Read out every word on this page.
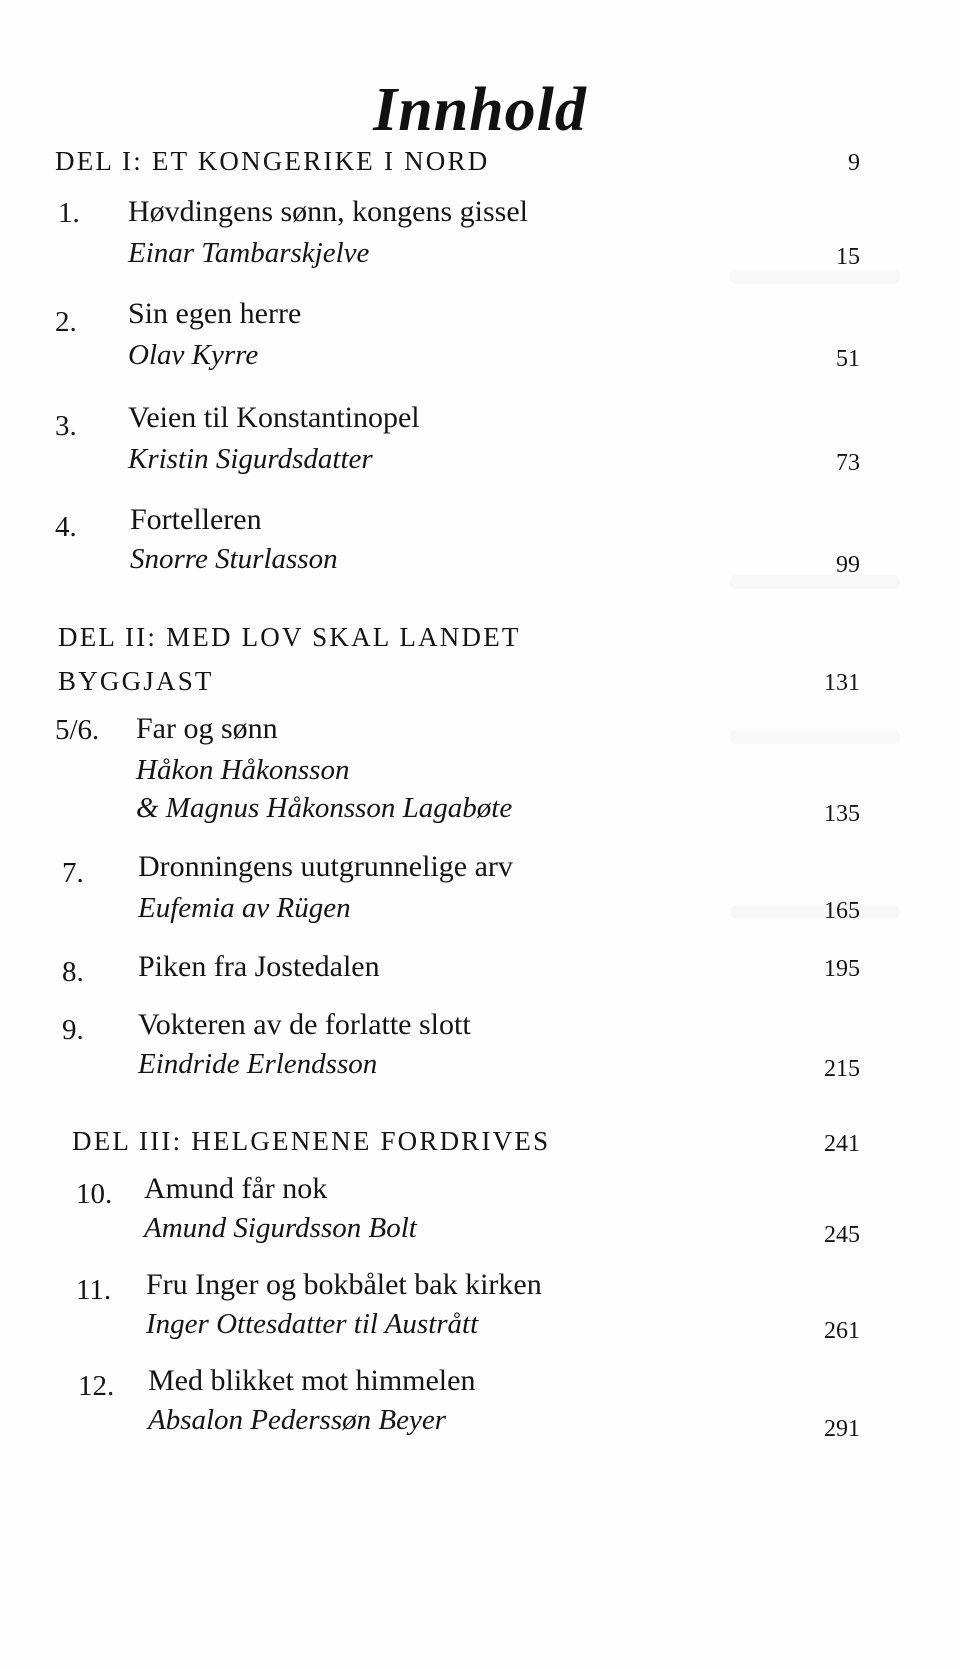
Innhold
DEL I: ET KONGERIKE I NORD	9
1. Høvdingens sønn, kongens gissel
Einar Tambarskjelve	15
2. Sin egen herre
Olav Kyrre	51
3. Veien til Konstantinopel
Kristin Sigurdsdatter	73
4. Fortelleren
Snorre Sturlasson	99
DEL II: MED LOV SKAL LANDET
BYGGJAST	131
5/6. Far og sønn
Håkon Håkonsson
& Magnus Håkonsson Lagabøte	135
7. Dronningens uutgrunnelige arv
Eufemia av Rügen	165
8. Piken fra Jostedalen	195
9. Vokteren av de forlatte slott
Eindride Erlendsson	215
DEL III: HELGENENE FORDRIVES	241
10. Amund får nok
Amund Sigurdsson Bolt	245
11. Fru Inger og bokbålet bak kirken
Inger Ottesdatter til Austrått	261
12. Med blikket mot himmelen
Absalon Pederssøn Beyer	291
